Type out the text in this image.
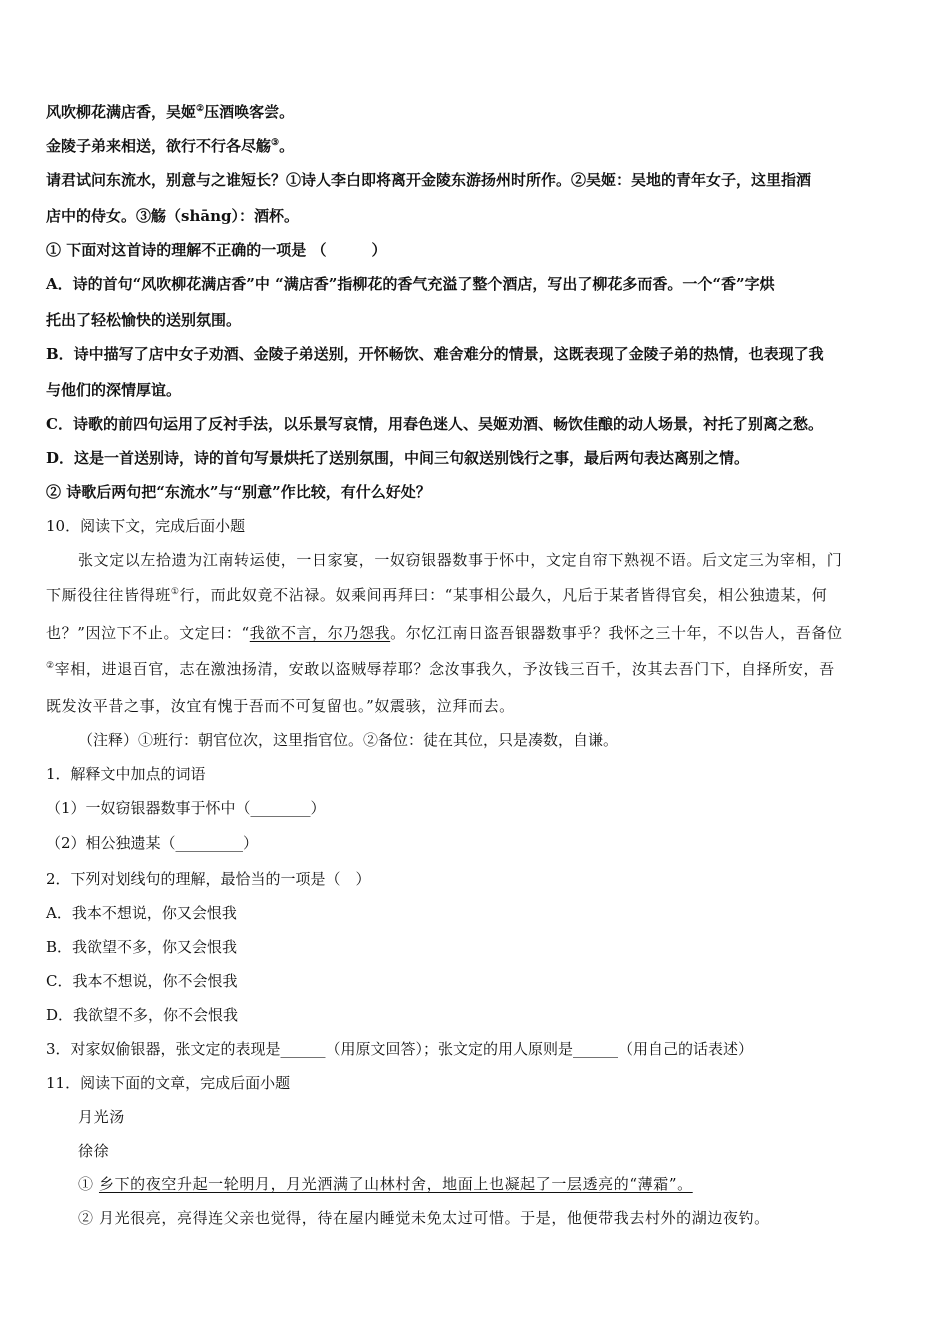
风吹柳花满店香，吴姬②压酒唤客尝。
金陵子弟来相送，欲行不行各尽觞③。
请君试问东流水，别意与之谁短长？①诗人李白即将离开金陵东游扬州时所作。②吴姬：吴地的青年女子，这里指酒
店中的侍女。③觞（shāng）：酒杯。
① 下面对这首诗的理解不正确的一项是 （　　　）
A．诗的首句“风吹柳花满店香”中 “满店香”指柳花的香气充溢了整个酒店，写出了柳花多而香。一个“香”字烘
托出了轻松愉快的送别氛围。
B．诗中描写了店中女子劝酒、金陵子弟送别，开怀畅饮、难舍难分的情景，这既表现了金陵子弟的热情，也表现了我
与他们的深情厚谊。
C．诗歌的前四句运用了反衬手法，以乐景写哀情，用春色迷人、吴姬劝酒、畅饮佳酿的动人场景，衬托了别离之愁。
D．这是一首送别诗，诗的首句写景烘托了送别氛围，中间三句叙送别饯行之事，最后两句表达离别之情。
② 诗歌后两句把“东流水”与“别意”作比较，有什么好处？
10．阅读下文，完成后面小题
张文定以左拾遗为江南转运使，一日家宴，一奴窃银器数事于怀中，文定自帘下熟视不语。后文定三为宰相，门
下厮役往往皆得班①行，而此奴竟不沾禄。奴乘间再拜曰：“某事相公最久，凡后于某者皆得官矣，相公独遗某，何
也？”因泣下不止。文定曰：“我欲不言，尔乃怨我。尔忆江南日盗吾银器数事乎？我怀之三十年，不以告人，吾备位
②宰相，进退百官，志在激浊扬清，安敢以盗贼辱荐耶？念汝事我久，予汝钱三百千，汝其去吾门下，自择所安，吾
既发汝平昔之事，汝宜有愧于吾而不可复留也。”奴震骇，泣拜而去。
（注释）①班行：朝官位次，这里指官位。②备位：徒在其位，只是凑数，自谦。
1．解释文中加点的词语
（1）一奴窃银器数事于怀中（________）
（2）相公独遗某（_________）
2．下列对划线句的理解，最恰当的一项是（　）
A．我本不想说，你又会恨我
B．我欲望不多，你又会恨我
C．我本不想说，你不会恨我
D．我欲望不多，你不会恨我
3．对家奴偷银器，张文定的表现是______（用原文回答）；张文定的用人原则是______（用自己的话表述）
11．阅读下面的文章，完成后面小题
月光汤
徐徐
① 乡下的夜空升起一轮明月，月光洒满了山林村舍，地面上也凝起了一层透亮的“薄霜”。
② 月光很亮，亮得连父亲也觉得，待在屋内睡觉未免太过可惜。于是，他便带我去村外的湖边夜钓。
